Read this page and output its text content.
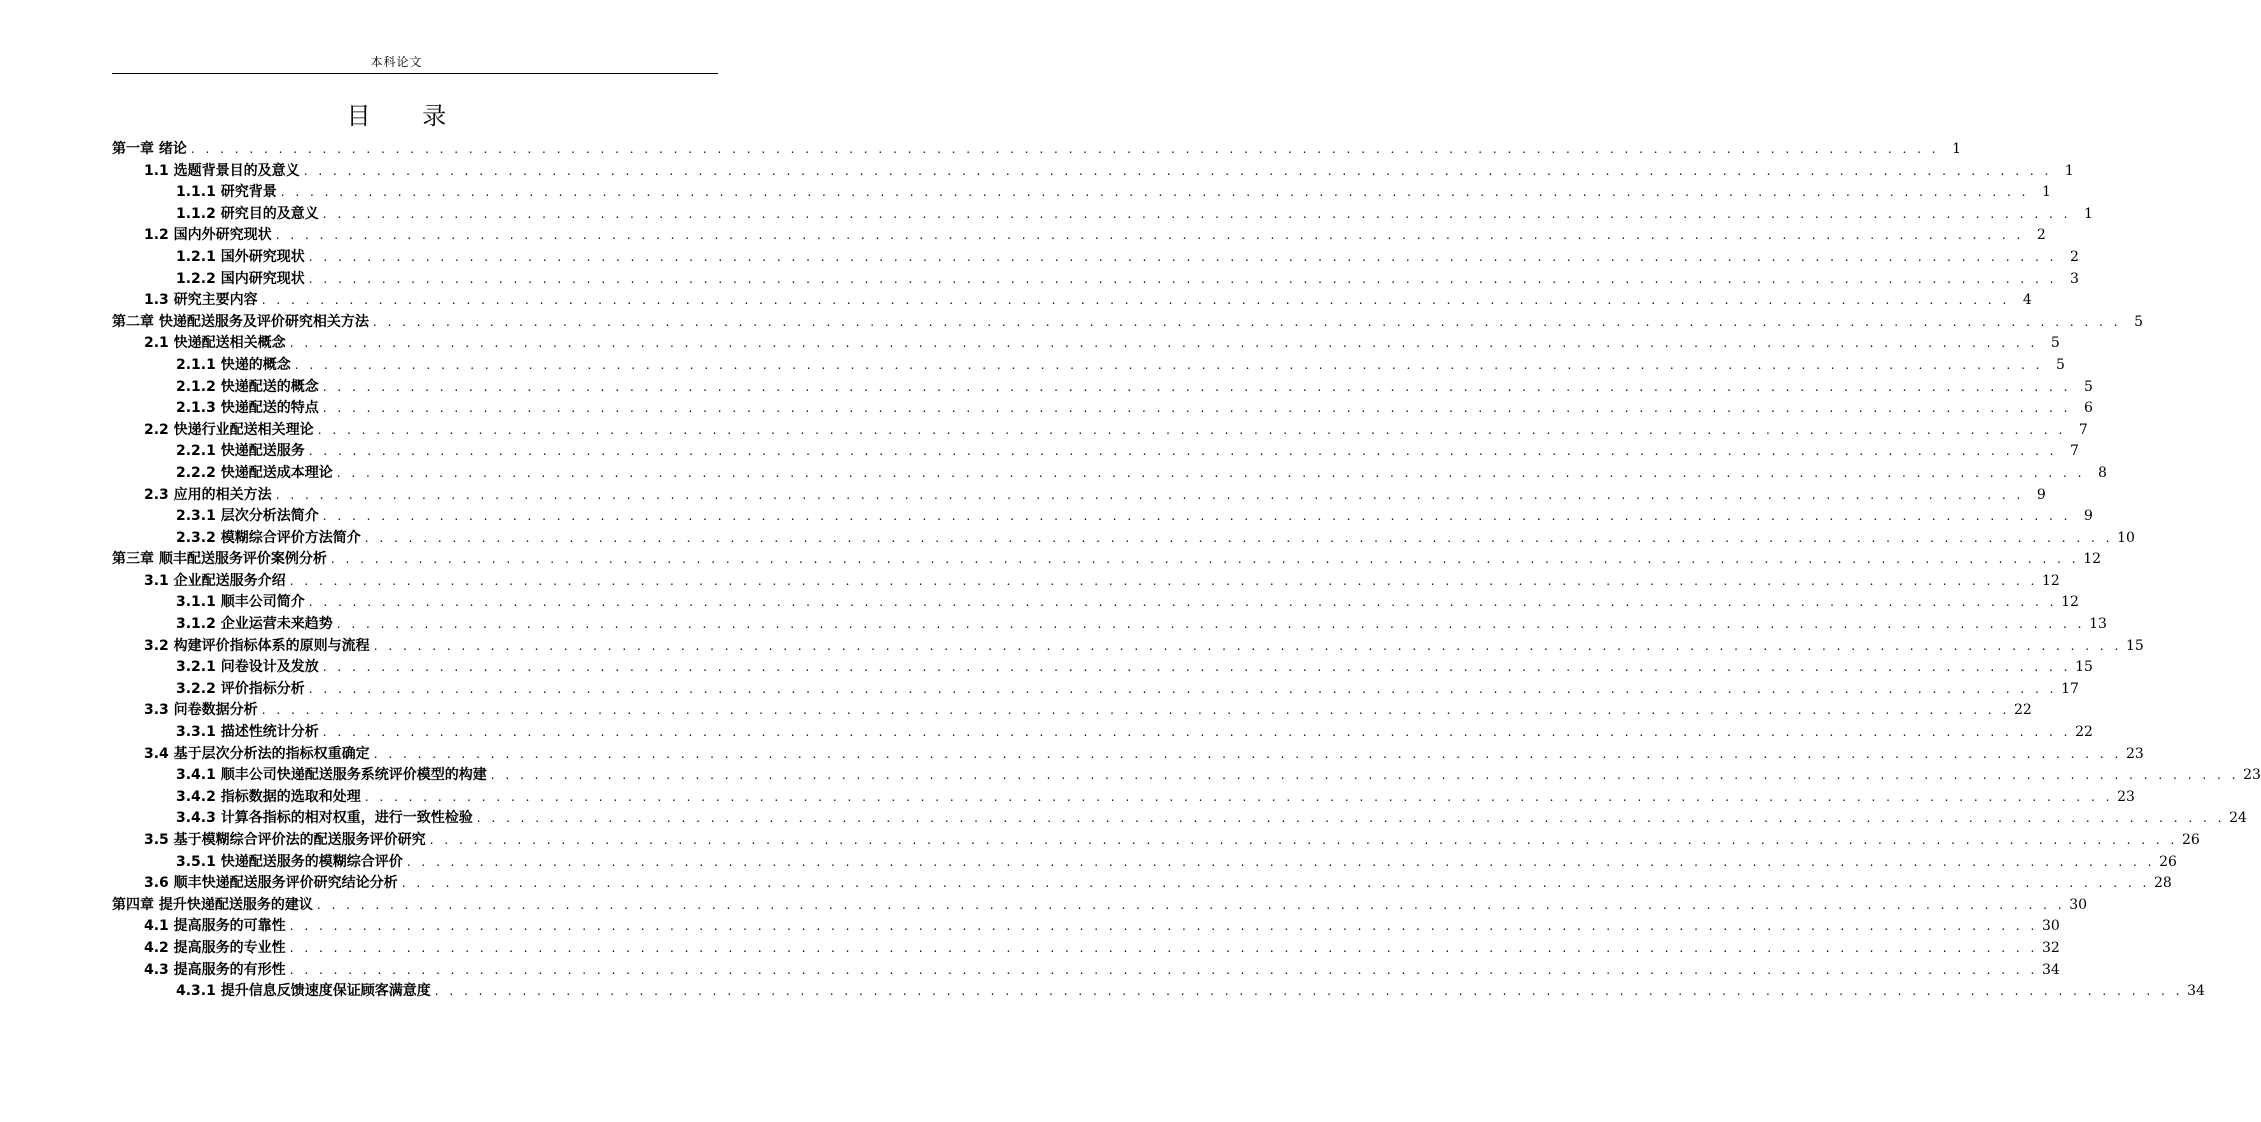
本科论文
目 录
第一章 绪论 . . . . . . . . . . . . . . . . . . . . . . . . . . . . . . . . . . . . . . . . . . . . . . . . . . . . . . . . . . . . . . . . . . . . . . . . . . . . . . . . . . . . . . . . . . . . . . . . . . . . . . . . . . . . . . . . . . . . . . . . 1
1.1 选题背景目的及意义 . . . . . . . . . . . . . . . . . . . . . . . . . . . . . . . . . . . . . . . . . . . . . . . . . . . . . . . . . . . . . . . . . . . . . . . . . . . . . . . . . . . . . . . . . . . . . . . . . . . . . . . . . . . . . . . . . . . . . . . . 1
1.1.1 研究背景 . . . . . . . . . . . . . . . . . . . . . . . . . . . . . . . . . . . . . . . . . . . . . . . . . . . . . . . . . . . . . . . . . . . . . . . . . . . . . . . . . . . . . . . . . . . . . . . . . . . . . . . . . . . . . . . . . . . . . . . . 1
1.1.2 研究目的及意义 . . . . . . . . . . . . . . . . . . . . . . . . . . . . . . . . . . . . . . . . . . . . . . . . . . . . . . . . . . . . . . . . . . . . . . . . . . . . . . . . . . . . . . . . . . . . . . . . . . . . . . . . . . . . . . . . . . . . . . . . 1
1.2 国内外研究现状 . . . . . . . . . . . . . . . . . . . . . . . . . . . . . . . . . . . . . . . . . . . . . . . . . . . . . . . . . . . . . . . . . . . . . . . . . . . . . . . . . . . . . . . . . . . . . . . . . . . . . . . . . . . . . . . . . . . . . . . . 2
1.2.1 国外研究现状 . . . . . . . . . . . . . . . . . . . . . . . . . . . . . . . . . . . . . . . . . . . . . . . . . . . . . . . . . . . . . . . . . . . . . . . . . . . . . . . . . . . . . . . . . . . . . . . . . . . . . . . . . . . . . . . . . . . . . . . . 2
1.2.2 国内研究现状 . . . . . . . . . . . . . . . . . . . . . . . . . . . . . . . . . . . . . . . . . . . . . . . . . . . . . . . . . . . . . . . . . . . . . . . . . . . . . . . . . . . . . . . . . . . . . . . . . . . . . . . . . . . . . . . . . . . . . . . . 3
1.3 研究主要内容 . . . . . . . . . . . . . . . . . . . . . . . . . . . . . . . . . . . . . . . . . . . . . . . . . . . . . . . . . . . . . . . . . . . . . . . . . . . . . . . . . . . . . . . . . . . . . . . . . . . . . . . . . . . . . . . . . . . . . . . . 4
第二章 快递配送服务及评价研究相关方法 . . . . . . . . . . . . . . . . . . . . . . . . . . . . . . . . . . . . . . . . . . . . . . . . . . . . . . . . . . . . . . . . . . . . . . . . . . . . . . . . . . . . . . . . . . . . . . . . . . . . . . . . . . . . . . . . . . . . . . . . 5
2.1 快递配送相关概念 . . . . . . . . . . . . . . . . . . . . . . . . . . . . . . . . . . . . . . . . . . . . . . . . . . . . . . . . . . . . . . . . . . . . . . . . . . . . . . . . . . . . . . . . . . . . . . . . . . . . . . . . . . . . . . . . . . . . . . . . 5
2.1.1 快递的概念 . . . . . . . . . . . . . . . . . . . . . . . . . . . . . . . . . . . . . . . . . . . . . . . . . . . . . . . . . . . . . . . . . . . . . . . . . . . . . . . . . . . . . . . . . . . . . . . . . . . . . . . . . . . . . . . . . . . . . . . . 5
2.1.2 快递配送的概念 . . . . . . . . . . . . . . . . . . . . . . . . . . . . . . . . . . . . . . . . . . . . . . . . . . . . . . . . . . . . . . . . . . . . . . . . . . . . . . . . . . . . . . . . . . . . . . . . . . . . . . . . . . . . . . . . . . . . . . . . 5
2.1.3 快递配送的特点 . . . . . . . . . . . . . . . . . . . . . . . . . . . . . . . . . . . . . . . . . . . . . . . . . . . . . . . . . . . . . . . . . . . . . . . . . . . . . . . . . . . . . . . . . . . . . . . . . . . . . . . . . . . . . . . . . . . . . . . . 6
2.2 快递行业配送相关理论 . . . . . . . . . . . . . . . . . . . . . . . . . . . . . . . . . . . . . . . . . . . . . . . . . . . . . . . . . . . . . . . . . . . . . . . . . . . . . . . . . . . . . . . . . . . . . . . . . . . . . . . . . . . . . . . . . . . . . . . . 7
2.2.1 快递配送服务 . . . . . . . . . . . . . . . . . . . . . . . . . . . . . . . . . . . . . . . . . . . . . . . . . . . . . . . . . . . . . . . . . . . . . . . . . . . . . . . . . . . . . . . . . . . . . . . . . . . . . . . . . . . . . . . . . . . . . . . . 7
2.2.2 快递配送成本理论 . . . . . . . . . . . . . . . . . . . . . . . . . . . . . . . . . . . . . . . . . . . . . . . . . . . . . . . . . . . . . . . . . . . . . . . . . . . . . . . . . . . . . . . . . . . . . . . . . . . . . . . . . . . . . . . . . . . . . . . . 8
2.3 应用的相关方法 . . . . . . . . . . . . . . . . . . . . . . . . . . . . . . . . . . . . . . . . . . . . . . . . . . . . . . . . . . . . . . . . . . . . . . . . . . . . . . . . . . . . . . . . . . . . . . . . . . . . . . . . . . . . . . . . . . . . . . . . 9
2.3.1 层次分析法简介 . . . . . . . . . . . . . . . . . . . . . . . . . . . . . . . . . . . . . . . . . . . . . . . . . . . . . . . . . . . . . . . . . . . . . . . . . . . . . . . . . . . . . . . . . . . . . . . . . . . . . . . . . . . . . . . . . . . . . . . . 9
2.3.2 模糊综合评价方法简介 . . . . . . . . . . . . . . . . . . . . . . . . . . . . . . . . . . . . . . . . . . . . . . . . . . . . . . . . . . . . . . . . . . . . . . . . . . . . . . . . . . . . . . . . . . . . . . . . . . . . . . . . . . . . . . . . . . . . . . . . 10
第三章 顺丰配送服务评价案例分析 . . . . . . . . . . . . . . . . . . . . . . . . . . . . . . . . . . . . . . . . . . . . . . . . . . . . . . . . . . . . . . . . . . . . . . . . . . . . . . . . . . . . . . . . . . . . . . . . . . . . . . . . . . . . . . . . . . . . . . . . 12
3.1 企业配送服务介绍 . . . . . . . . . . . . . . . . . . . . . . . . . . . . . . . . . . . . . . . . . . . . . . . . . . . . . . . . . . . . . . . . . . . . . . . . . . . . . . . . . . . . . . . . . . . . . . . . . . . . . . . . . . . . . . . . . . . . . . . . 12
3.1.1 顺丰公司简介 . . . . . . . . . . . . . . . . . . . . . . . . . . . . . . . . . . . . . . . . . . . . . . . . . . . . . . . . . . . . . . . . . . . . . . . . . . . . . . . . . . . . . . . . . . . . . . . . . . . . . . . . . . . . . . . . . . . . . . . . 12
3.1.2 企业运营未来趋势 . . . . . . . . . . . . . . . . . . . . . . . . . . . . . . . . . . . . . . . . . . . . . . . . . . . . . . . . . . . . . . . . . . . . . . . . . . . . . . . . . . . . . . . . . . . . . . . . . . . . . . . . . . . . . . . . . . . . . . . . 13
3.2 构建评价指标体系的原则与流程 . . . . . . . . . . . . . . . . . . . . . . . . . . . . . . . . . . . . . . . . . . . . . . . . . . . . . . . . . . . . . . . . . . . . . . . . . . . . . . . . . . . . . . . . . . . . . . . . . . . . . . . . . . . . . . . . . . . . . . . . 15
3.2.1 问卷设计及发放 . . . . . . . . . . . . . . . . . . . . . . . . . . . . . . . . . . . . . . . . . . . . . . . . . . . . . . . . . . . . . . . . . . . . . . . . . . . . . . . . . . . . . . . . . . . . . . . . . . . . . . . . . . . . . . . . . . . . . . . . 15
3.2.2 评价指标分析 . . . . . . . . . . . . . . . . . . . . . . . . . . . . . . . . . . . . . . . . . . . . . . . . . . . . . . . . . . . . . . . . . . . . . . . . . . . . . . . . . . . . . . . . . . . . . . . . . . . . . . . . . . . . . . . . . . . . . . . . 17
3.3 问卷数据分析 . . . . . . . . . . . . . . . . . . . . . . . . . . . . . . . . . . . . . . . . . . . . . . . . . . . . . . . . . . . . . . . . . . . . . . . . . . . . . . . . . . . . . . . . . . . . . . . . . . . . . . . . . . . . . . . . . . . . . . . . 22
3.3.1 描述性统计分析 . . . . . . . . . . . . . . . . . . . . . . . . . . . . . . . . . . . . . . . . . . . . . . . . . . . . . . . . . . . . . . . . . . . . . . . . . . . . . . . . . . . . . . . . . . . . . . . . . . . . . . . . . . . . . . . . . . . . . . . . 22
3.4 基于层次分析法的指标权重确定 . . . . . . . . . . . . . . . . . . . . . . . . . . . . . . . . . . . . . . . . . . . . . . . . . . . . . . . . . . . . . . . . . . . . . . . . . . . . . . . . . . . . . . . . . . . . . . . . . . . . . . . . . . . . . . . . . . . . . . . . 23
3.4.1 顺丰公司快递配送服务系统评价模型的构建 . . . . . . . . . . . . . . . . . . . . . . . . . . . . . . . . . . . . . . . . . . . . . . . . . . . . . . . . . . . . . . . . . . . . . . . . . . . . . . . . . . . . . . . . . . . . . . . . . . . . . . . . . . . . . . . . . . . . . . . . 23
3.4.2 指标数据的选取和处理 . . . . . . . . . . . . . . . . . . . . . . . . . . . . . . . . . . . . . . . . . . . . . . . . . . . . . . . . . . . . . . . . . . . . . . . . . . . . . . . . . . . . . . . . . . . . . . . . . . . . . . . . . . . . . . . . . . . . . . . . 23
3.4.3 计算各指标的相对权重，进行一致性检验 . . . . . . . . . . . . . . . . . . . . . . . . . . . . . . . . . . . . . . . . . . . . . . . . . . . . . . . . . . . . . . . . . . . . . . . . . . . . . . . . . . . . . . . . . . . . . . . . . . . . . . . . . . . . . . . . . . . . . . . . 24
3.5 基于模糊综合评价法的配送服务评价研究 . . . . . . . . . . . . . . . . . . . . . . . . . . . . . . . . . . . . . . . . . . . . . . . . . . . . . . . . . . . . . . . . . . . . . . . . . . . . . . . . . . . . . . . . . . . . . . . . . . . . . . . . . . . . . . . . . . . . . . . . 26
3.5.1 快递配送服务的模糊综合评价 . . . . . . . . . . . . . . . . . . . . . . . . . . . . . . . . . . . . . . . . . . . . . . . . . . . . . . . . . . . . . . . . . . . . . . . . . . . . . . . . . . . . . . . . . . . . . . . . . . . . . . . . . . . . . . . . . . . . . . . . 26
3.6 顺丰快递配送服务评价研究结论分析 . . . . . . . . . . . . . . . . . . . . . . . . . . . . . . . . . . . . . . . . . . . . . . . . . . . . . . . . . . . . . . . . . . . . . . . . . . . . . . . . . . . . . . . . . . . . . . . . . . . . . . . . . . . . . . . . . . . . . . . . 28
第四章 提升快递配送服务的建议 . . . . . . . . . . . . . . . . . . . . . . . . . . . . . . . . . . . . . . . . . . . . . . . . . . . . . . . . . . . . . . . . . . . . . . . . . . . . . . . . . . . . . . . . . . . . . . . . . . . . . . . . . . . . . . . . . . . . . . . . 30
4.1 提高服务的可靠性 . . . . . . . . . . . . . . . . . . . . . . . . . . . . . . . . . . . . . . . . . . . . . . . . . . . . . . . . . . . . . . . . . . . . . . . . . . . . . . . . . . . . . . . . . . . . . . . . . . . . . . . . . . . . . . . . . . . . . . . . 30
4.2 提高服务的专业性 . . . . . . . . . . . . . . . . . . . . . . . . . . . . . . . . . . . . . . . . . . . . . . . . . . . . . . . . . . . . . . . . . . . . . . . . . . . . . . . . . . . . . . . . . . . . . . . . . . . . . . . . . . . . . . . . . . . . . . . . 32
4.3 提高服务的有形性 . . . . . . . . . . . . . . . . . . . . . . . . . . . . . . . . . . . . . . . . . . . . . . . . . . . . . . . . . . . . . . . . . . . . . . . . . . . . . . . . . . . . . . . . . . . . . . . . . . . . . . . . . . . . . . . . . . . . . . . . 34
4.3.1 提升信息反馈速度保证顾客满意度 . . . . . . . . . . . . . . . . . . . . . . . . . . . . . . . . . . . . . . . . . . . . . . . . . . . . . . . . . . . . . . . . . . . . . . . . . . . . . . . . . . . . . . . . . . . . . . . . . . . . . . . . . . . . . . . . . . . . . . . . 34
